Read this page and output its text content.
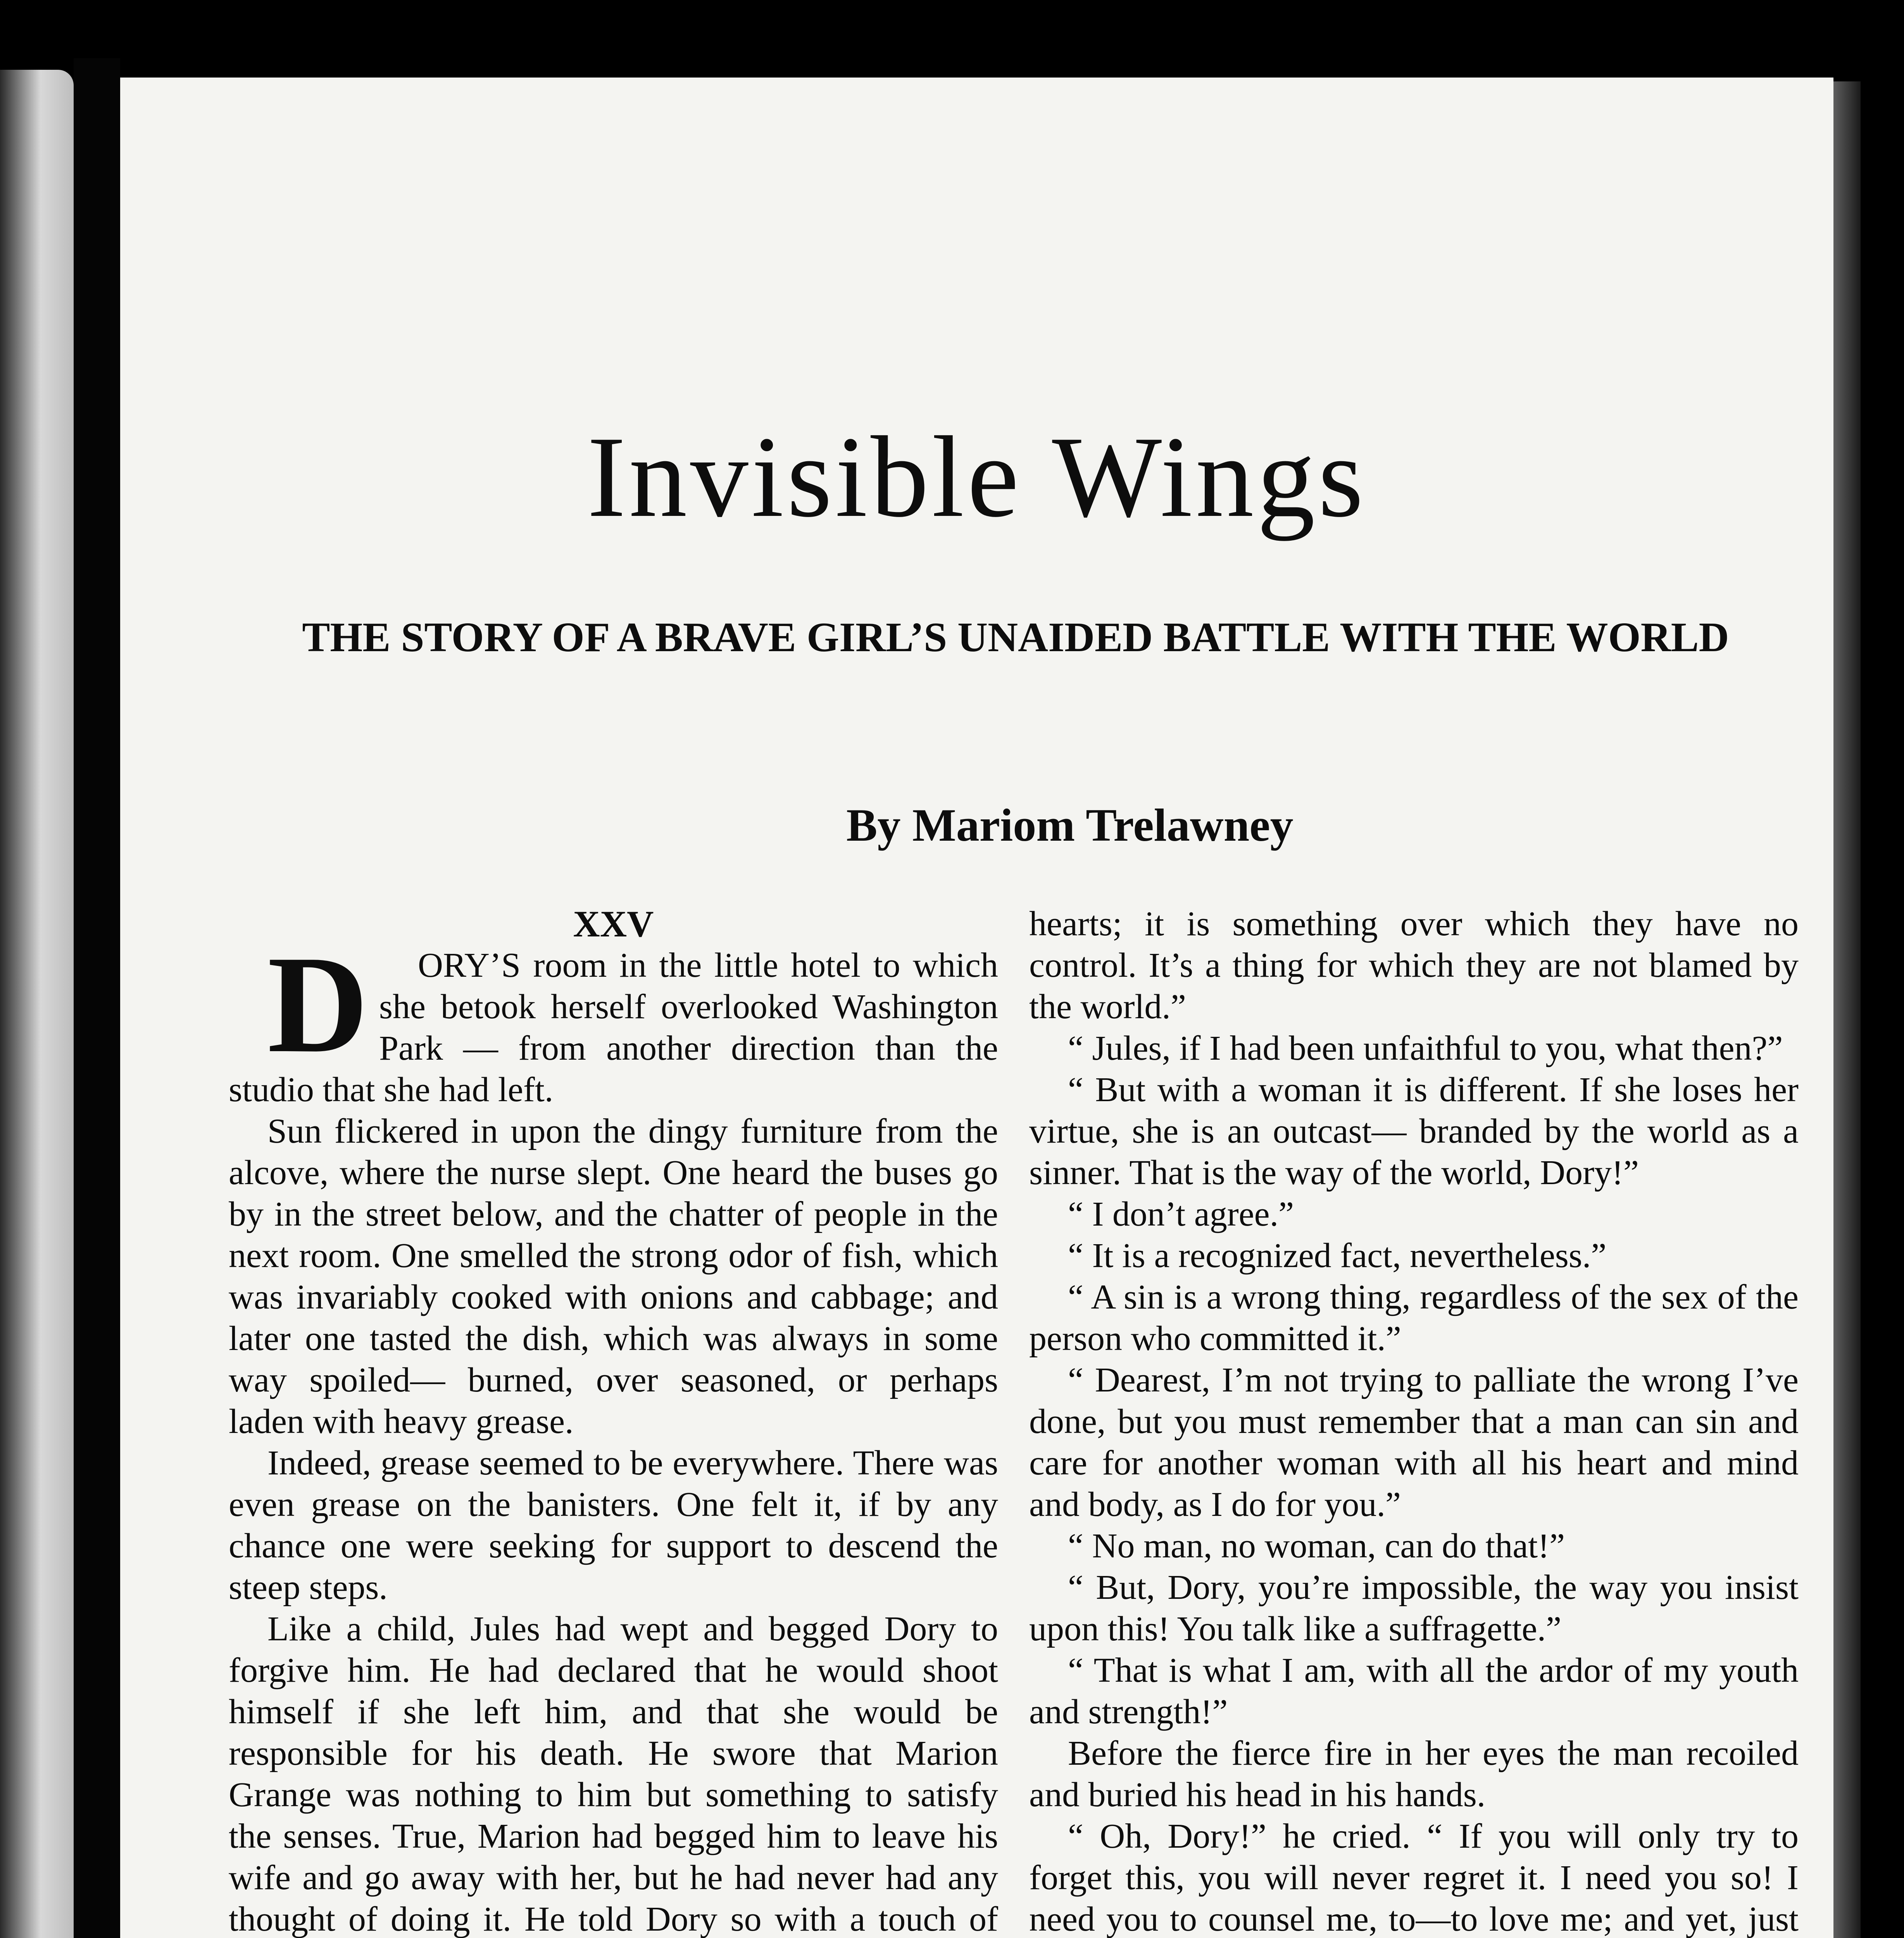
Invisible Wings
THE STORY OF A BRAVE GIRL’S UNAIDED BATTLE WITH THE WORLD

By Mariom Trelawney

XXV

D ORY’S room in the little hotel to which she betook herself overlooked Washington Park — from another direction than the studio that she had left.

Sun flickered in upon the dingy furniture from the alcove, where the nurse slept. One heard the buses go by in the street below, and the chatter of people in the next room. One smelled the strong odor of fish, which was invariably cooked with onions and cabbage; and later one tasted the dish, which was always in some way spoiled— burned, over seasoned, or perhaps laden with heavy grease.

Indeed, grease seemed to be everywhere. There was even grease on the banisters. One felt it, if by any chance one were seeking for support to descend the steep steps.

Like a child, Jules had wept and begged Dory to forgive him. He had declared that he would shoot himself if she left him, and that she would be responsible for his death. He swore that Marion Grange was nothing to him but something to satisfy the senses. True, Marion had begged him to leave his wife and go away with her, but he had never had any thought of doing it. He told Dory so with a touch of

hearts; it is something over which they have no control. It’s a thing for which they are not blamed by the world.”

“ Jules, if I had been unfaithful to you, what then?”

“ But with a woman it is different. If she loses her virtue, she is an outcast— branded by the world as a sinner. That is the way of the world, Dory!”

“ I don’t agree.”

“ It is a recognized fact, nevertheless.”

“ A sin is a wrong thing, regardless of the sex of the person who committed it.”

“ Dearest, I’m not trying to palliate the wrong I’ve done, but you must remember that a man can sin and care for another woman with all his heart and mind and body, as I do for you.”

“ No man, no woman, can do that!”

“ But, Dory, you’re impossible, the way you insist upon this! You talk like a suffragette.”

“ That is what I am, with all the ardor of my youth and strength!”

Before the fierce fire in her eyes the man recoiled and buried his head in his hands.

“ Oh, Dory!” he cried. “ If you will only try to forget this, you will never regret it. I need you so! I need you to counsel me, to—to love me; and yet, just
